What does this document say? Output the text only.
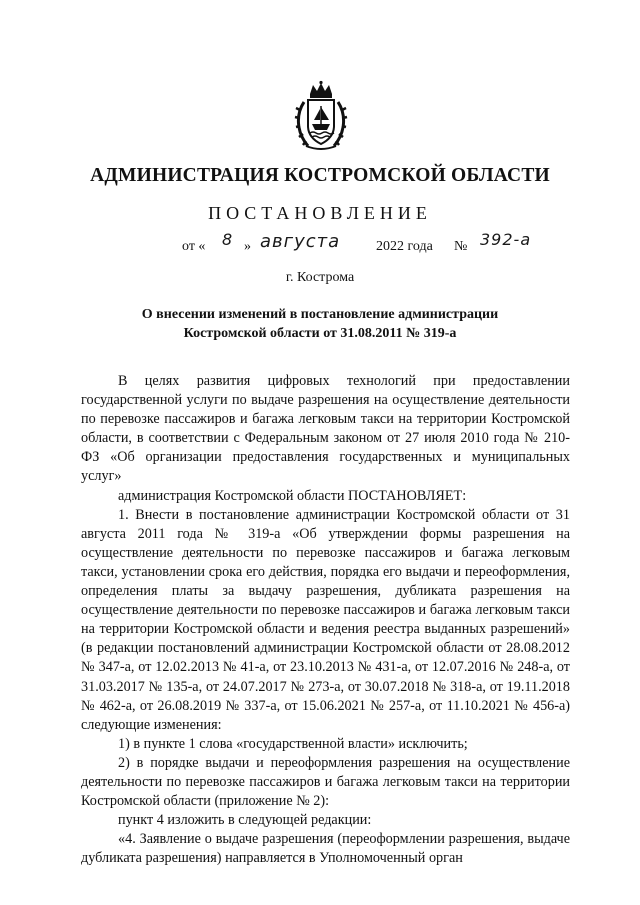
АДМИНИСТРАЦИЯ КОСТРОМСКОЙ ОБЛАСТИ
ПОСТАНОВЛЕНИЕ
от « 8 » августа	2022 года № 392-а
г. Кострома
О внесении изменений в постановление администрации
Костромской области от 31.08.2011 № 319-а

В целях развития цифровых технологий при предоставлении государственной услуги по выдаче разрешения на осуществление деятельности по перевозке пассажиров и багажа легковым такси на территории Костромской области, в соответствии с Федеральным законом от 27 июля 2010 года № 210-ФЗ «Об организации предоставления государственных и муниципальных услуг»

администрация Костромской области ПОСТАНОВЛЯЕТ:

1. Внести в постановление администрации Костромской области от 31 августа 2011 года № 319-а «Об утверждении формы разрешения на осуществление деятельности по перевозке пассажиров и багажа легковым такси, установлении срока его действия, порядка его выдачи и переоформления, определения платы за выдачу разрешения, дубликата разрешения на осуществление деятельности по перевозке пассажиров и багажа легковым такси на территории Костромской области и ведения реестра выданных разрешений» (в редакции постановлений администрации Костромской области от 28.08.2012 № 347-а, от 12.02.2013 № 41-а, от 23.10.2013 № 431-а, от 12.07.2016 № 248-а, от 31.03.2017 № 135-а, от 24.07.2017 № 273-а, от 30.07.2018 № 318-а, от 19.11.2018 № 462-а, от 26.08.2019 № 337-а, от 15.06.2021 № 257-а, от 11.10.2021 № 456-а) следующие изменения:

1) в пункте 1 слова «государственной власти» исключить;

2) в порядке выдачи и переоформления разрешения на осуществление деятельности по перевозке пассажиров и багажа легковым такси на территории Костромской области (приложение № 2):

пункт 4 изложить в следующей редакции:

«4. Заявление о выдаче разрешения (переоформлении разрешения, выдаче дубликата разрешения) направляется в Уполномоченный орган
